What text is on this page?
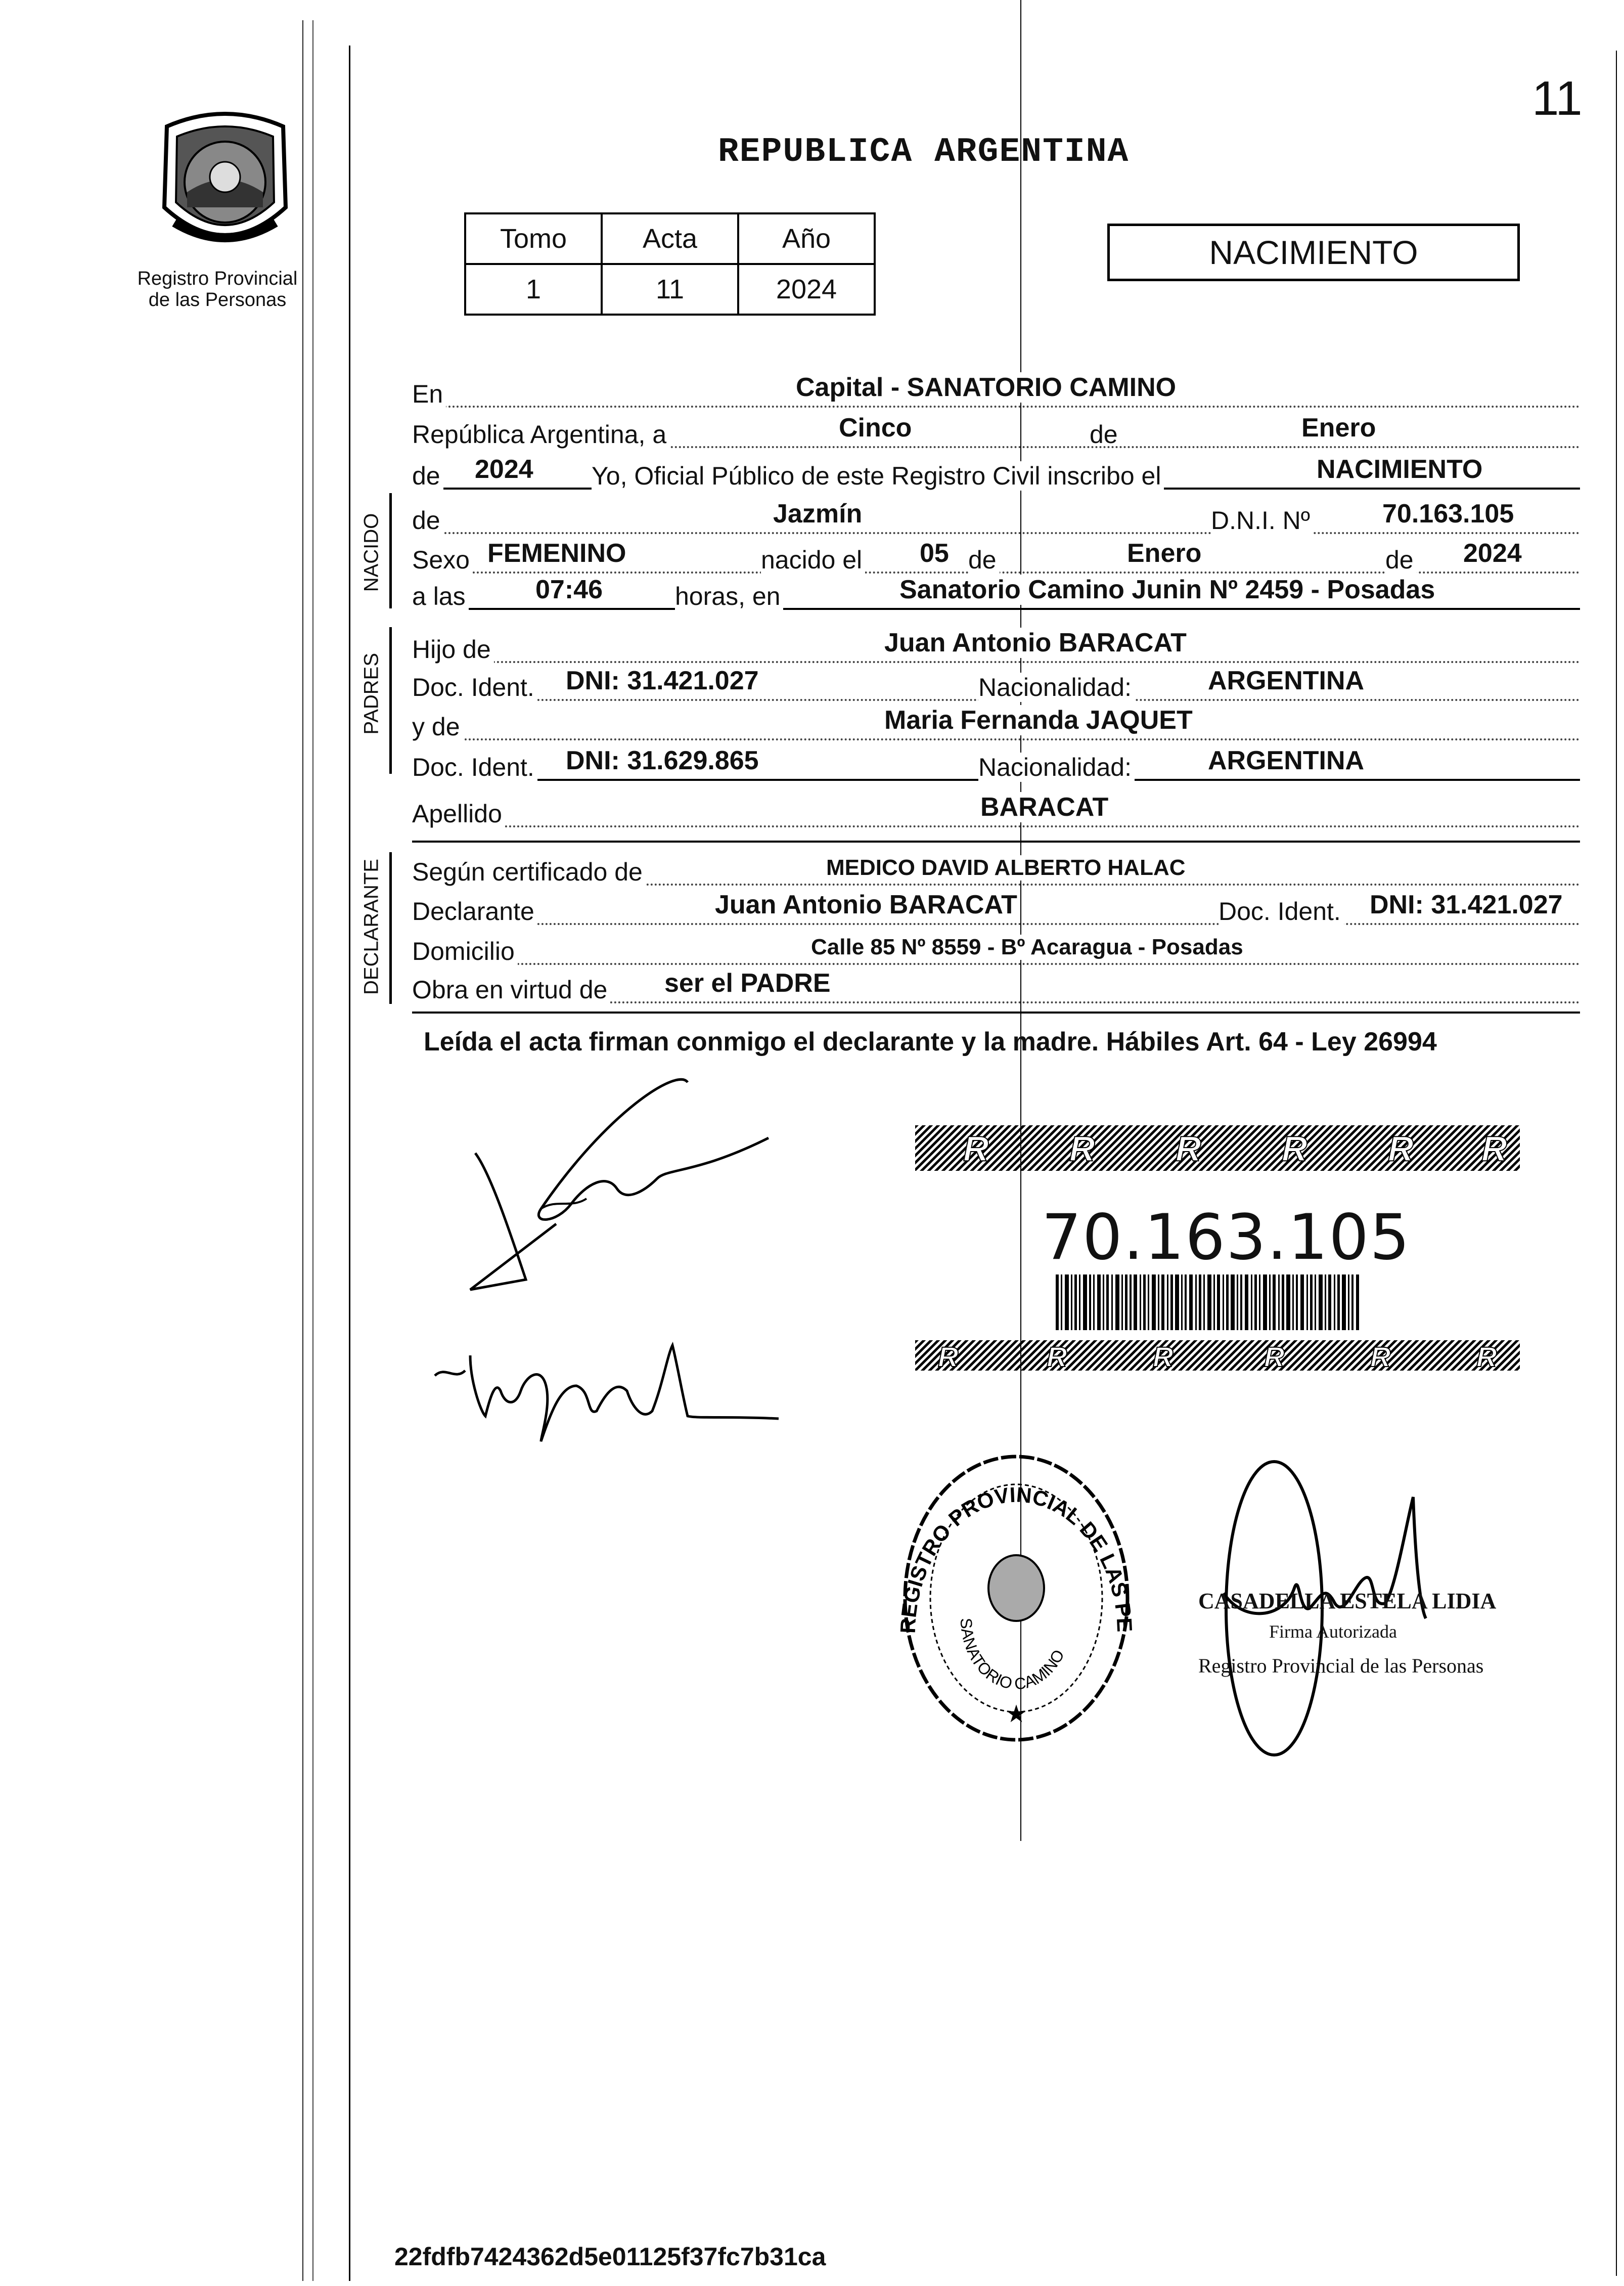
11
Registro Provincial
de las Personas
REPUBLICA ARGENTINA
Tomo	Acta	Año
1	11	2024
NACIMIENTO
En	Capital - SANATORIO CAMINO
República Argentina, a	Cinco	de	Enero
de 2024 Yo, Oficial Público de este Registro Civil inscribo el	NACIMIENTO
NACIDO de	Jazmín	D.N.I. Nº	70.163.105
Sexo FEMENINO	nacido el 05 de	Enero	de 2024
a las	07:46	horas, en	Sanatorio Camino Junin Nº 2459 - Posadas
PADRES
Hijo de	Juan Antonio BARACAT
Doc. Ident. DNI: 31.421.027	Nacionalidad:	ARGENTINA
y de	Maria Fernanda JAQUET
Doc. Ident. DNI: 31.629.865	Nacionalidad:	ARGENTINA
Apellido	BARACAT
DECLARANTE Según certificado de	MEDICO DAVID ALBERTO HALAC
Declarante	Juan Antonio BARACAT	Doc. Ident. DNI: 31.421.027
Domicilio	Calle 85 Nº 8559 - Bº Acaragua - Posadas
Obra en virtud de ser el PADRE
Leída el acta firman conmigo el declarante y la madre. Hábiles Art. 64 - Ley 26994
R R R R R R
70.163.105
R	R	R	R	R	R
REGISTRO PROVINCIAL DE LAS PERSONAS
SANATORIO CAMINO
★
CASADELLA ESTELA LIDIA
Firma Autorizada
Registro Provincial de las Personas
22fdfb7424362d5e01125f37fc7b31ca
